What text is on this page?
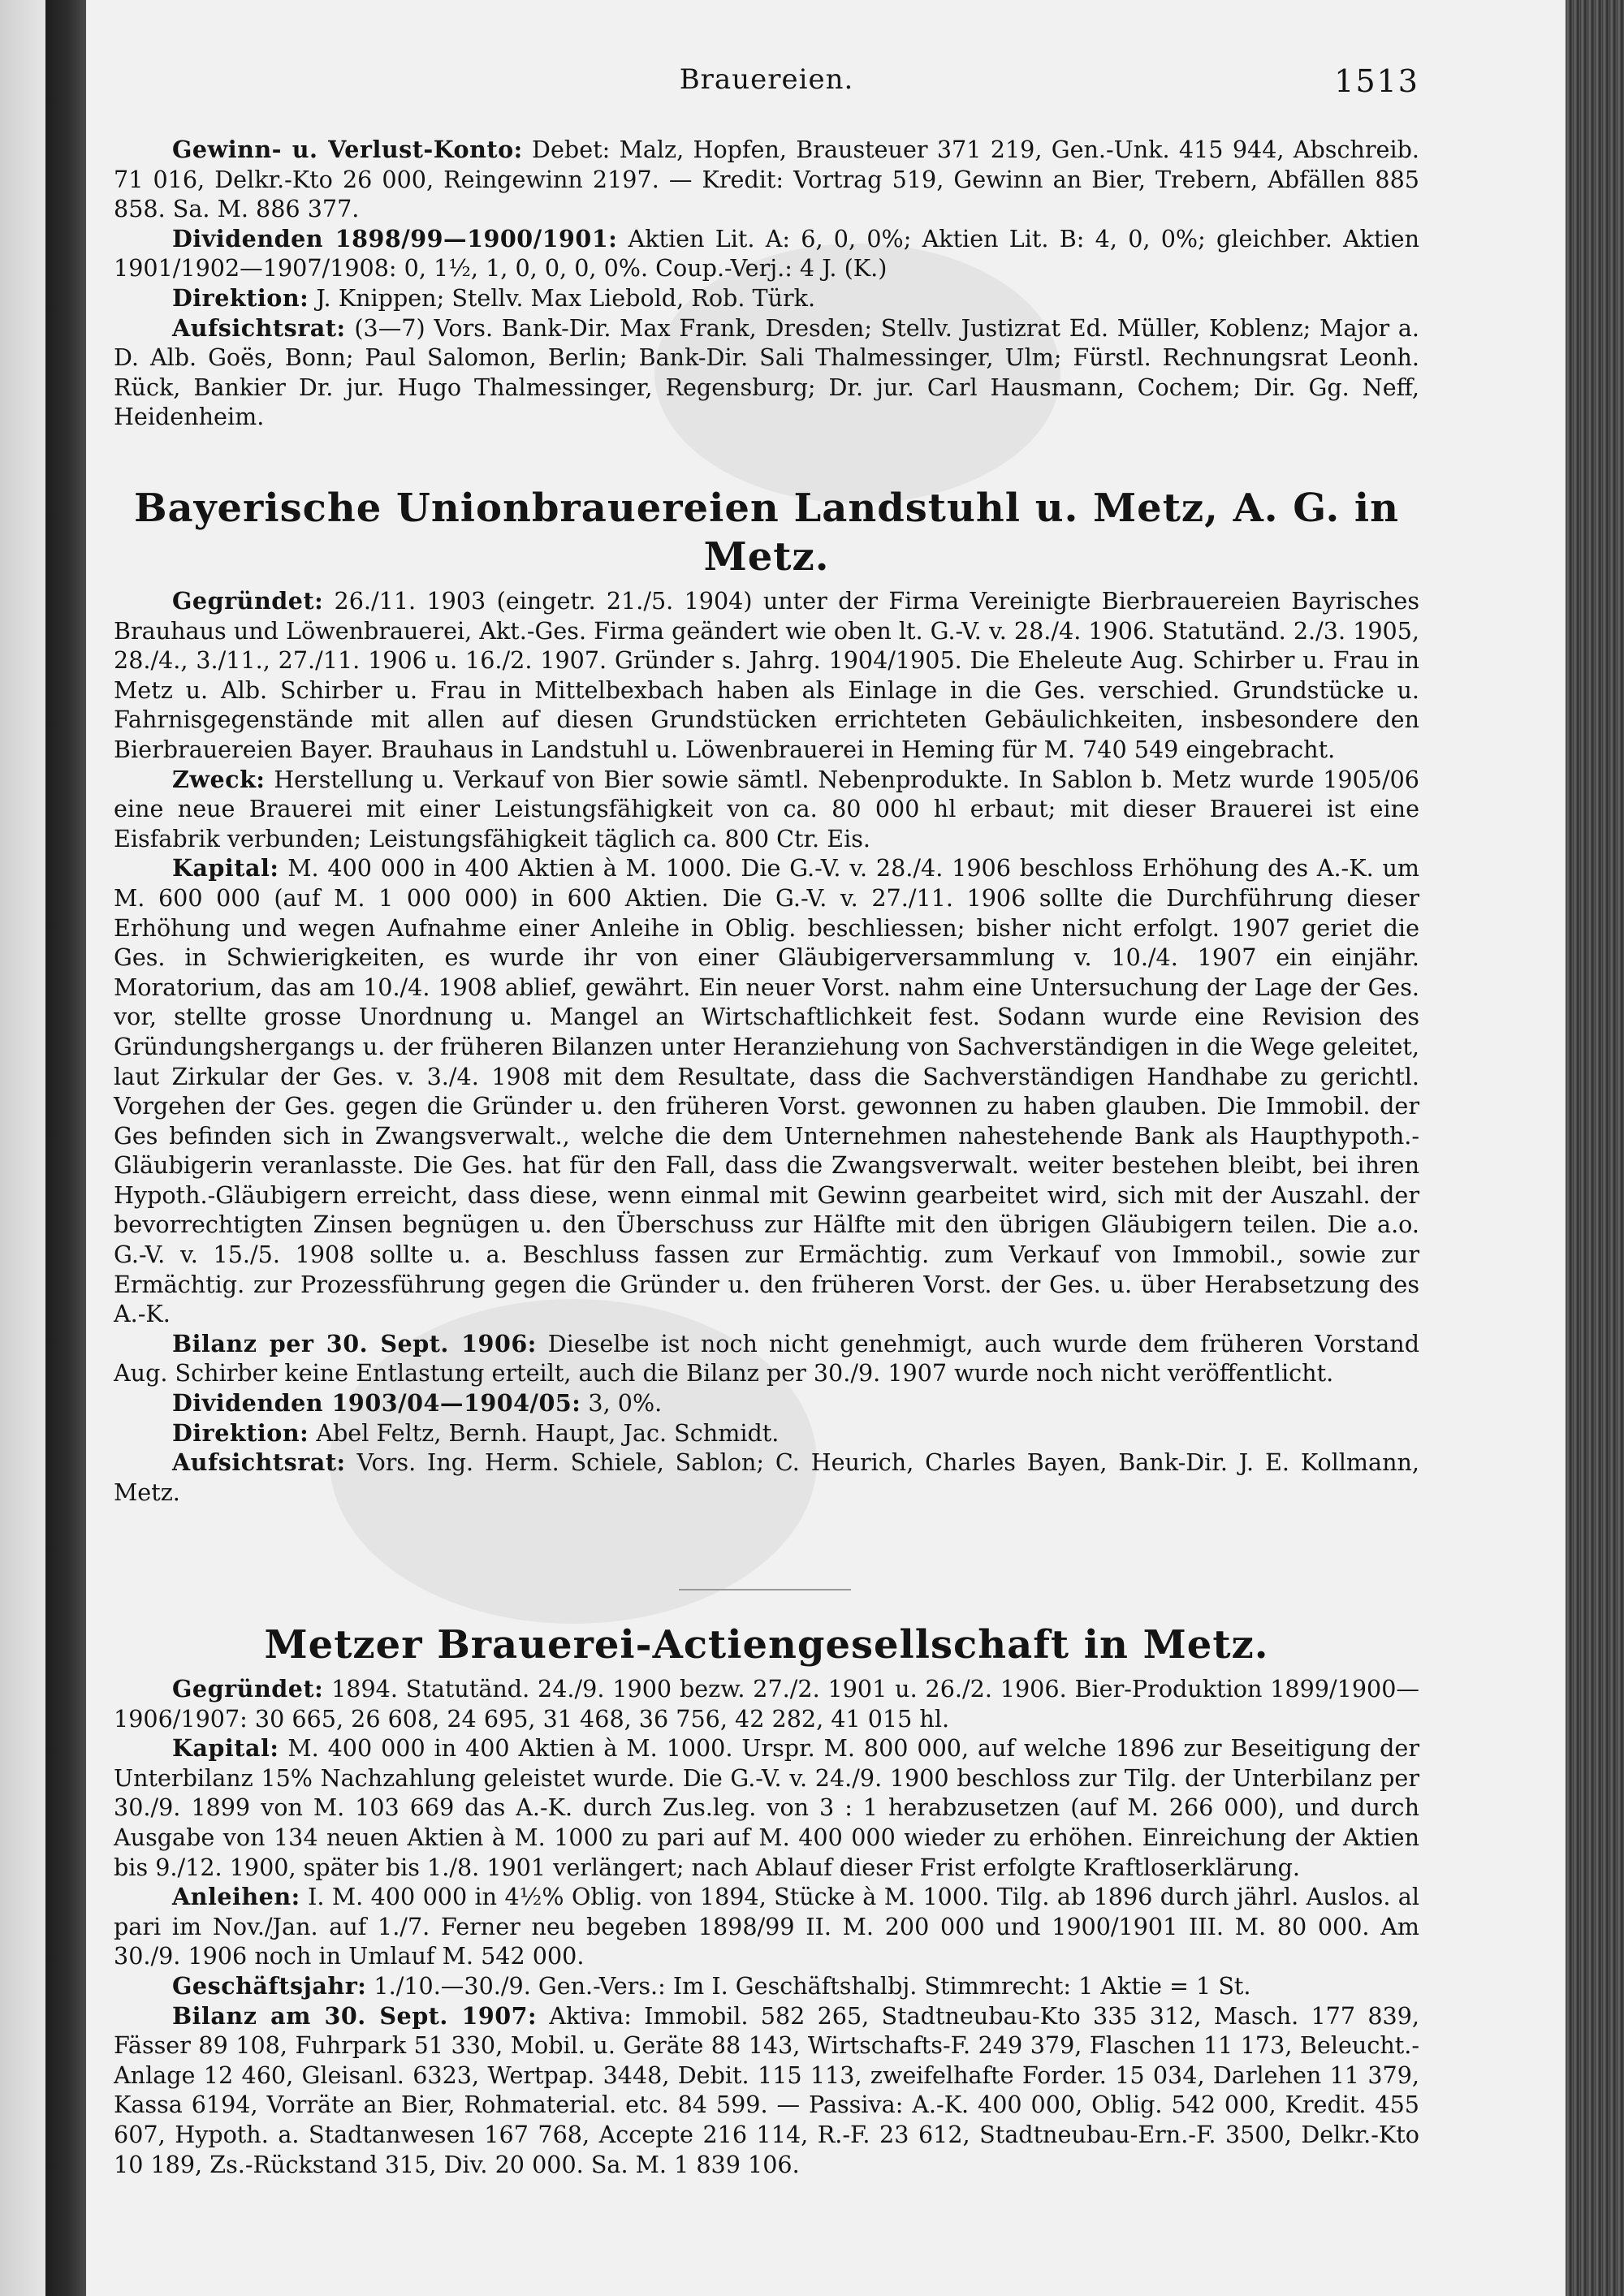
Brauereien.	1513

Gewinn- u. Verlust-Konto: Debet: Malz, Hopfen, Brausteuer 371 219, Gen.-Unk. 415 944, Abschreib. 71 016, Delkr.-Kto 26 000, Reingewinn 2197. — Kredit: Vortrag 519, Gewinn an Bier, Trebern, Abfällen 885 858. Sa. M. 886 377.

Dividenden 1898/99—1900/1901: Aktien Lit. A: 6, 0, 0%; Aktien Lit. B: 4, 0, 0%; gleichber. Aktien 1901/1902—1907/1908: 0, 1½, 1, 0, 0, 0, 0%. Coup.-Verj.: 4 J. (K.)

Direktion: J. Knippen; Stellv. Max Liebold, Rob. Türk.

Aufsichtsrat: (3—7) Vors. Bank-Dir. Max Frank, Dresden; Stellv. Justizrat Ed. Müller, Koblenz; Major a. D. Alb. Goës, Bonn; Paul Salomon, Berlin; Bank-Dir. Sali Thalmessinger, Ulm; Fürstl. Rechnungsrat Leonh. Rück, Bankier Dr. jur. Hugo Thalmessinger, Regensburg; Dr. jur. Carl Hausmann, Cochem; Dir. Gg. Neff, Heidenheim.

Bayerische Unionbrauereien Landstuhl u. Metz, A. G. in Metz.

Gegründet: 26./11. 1903 (eingetr. 21./5. 1904) unter der Firma Vereinigte Bierbrauereien Bayrisches Brauhaus und Löwenbrauerei, Akt.-Ges. Firma geändert wie oben lt. G.-V. v. 28./4. 1906. Statutänd. 2./3. 1905, 28./4., 3./11., 27./11. 1906 u. 16./2. 1907. Gründer s. Jahrg. 1904/1905. Die Eheleute Aug. Schirber u. Frau in Metz u. Alb. Schirber u. Frau in Mittelbexbach haben als Einlage in die Ges. verschied. Grundstücke u. Fahrnisgegenstände mit allen auf diesen Grundstücken errichteten Gebäulichkeiten, insbesondere den Bierbrauereien Bayer. Brauhaus in Landstuhl u. Löwenbrauerei in Heming für M. 740 549 eingebracht.

Zweck: Herstellung u. Verkauf von Bier sowie sämtl. Nebenprodukte. In Sablon b. Metz wurde 1905/06 eine neue Brauerei mit einer Leistungsfähigkeit von ca. 80 000 hl erbaut; mit dieser Brauerei ist eine Eisfabrik verbunden; Leistungsfähigkeit täglich ca. 800 Ctr. Eis.

Kapital: M. 400 000 in 400 Aktien à M. 1000. Die G.-V. v. 28./4. 1906 beschloss Erhöhung des A.-K. um M. 600 000 (auf M. 1 000 000) in 600 Aktien. Die G.-V. v. 27./11. 1906 sollte die Durchführung dieser Erhöhung und wegen Aufnahme einer Anleihe in Oblig. beschliessen; bisher nicht erfolgt. 1907 geriet die Ges. in Schwierigkeiten, es wurde ihr von einer Gläubigerversammlung v. 10./4. 1907 ein einjähr. Moratorium, das am 10./4. 1908 ablief, gewährt. Ein neuer Vorst. nahm eine Untersuchung der Lage der Ges. vor, stellte grosse Unordnung u. Mangel an Wirtschaftlichkeit fest. Sodann wurde eine Revision des Gründungshergangs u. der früheren Bilanzen unter Heranziehung von Sachverständigen in die Wege geleitet, laut Zirkular der Ges. v. 3./4. 1908 mit dem Resultate, dass die Sachverständigen Handhabe zu gerichtl. Vorgehen der Ges. gegen die Gründer u. den früheren Vorst. gewonnen zu haben glauben. Die Immobil. der Ges befinden sich in Zwangsverwalt., welche die dem Unternehmen nahestehende Bank als Haupthypoth.-Gläubigerin veranlasste. Die Ges. hat für den Fall, dass die Zwangsverwalt. weiter bestehen bleibt, bei ihren Hypoth.-Gläubigern erreicht, dass diese, wenn einmal mit Gewinn gearbeitet wird, sich mit der Auszahl. der bevorrechtigten Zinsen begnügen u. den Überschuss zur Hälfte mit den übrigen Gläubigern teilen. Die a.o. G.-V. v. 15./5. 1908 sollte u. a. Beschluss fassen zur Ermächtig. zum Verkauf von Immobil., sowie zur Ermächtig. zur Prozessführung gegen die Gründer u. den früheren Vorst. der Ges. u. über Herabsetzung des A.-K.

Bilanz per 30. Sept. 1906: Dieselbe ist noch nicht genehmigt, auch wurde dem früheren Vorstand Aug. Schirber keine Entlastung erteilt, auch die Bilanz per 30./9. 1907 wurde noch nicht veröffentlicht.

Dividenden 1903/04—1904/05: 3, 0%.

Direktion: Abel Feltz, Bernh. Haupt, Jac. Schmidt.

Aufsichtsrat: Vors. Ing. Herm. Schiele, Sablon; C. Heurich, Charles Bayen, Bank-Dir. J. E. Kollmann, Metz.

Metzer Brauerei-Actiengesellschaft in Metz.

Gegründet: 1894. Statutänd. 24./9. 1900 bezw. 27./2. 1901 u. 26./2. 1906. Bier-Produktion 1899/1900—1906/1907: 30 665, 26 608, 24 695, 31 468, 36 756, 42 282, 41 015 hl.

Kapital: M. 400 000 in 400 Aktien à M. 1000. Urspr. M. 800 000, auf welche 1896 zur Beseitigung der Unterbilanz 15% Nachzahlung geleistet wurde. Die G.-V. v. 24./9. 1900 beschloss zur Tilg. der Unterbilanz per 30./9. 1899 von M. 103 669 das A.-K. durch Zus.leg. von 3 : 1 herabzusetzen (auf M. 266 000), und durch Ausgabe von 134 neuen Aktien à M. 1000 zu pari auf M. 400 000 wieder zu erhöhen. Einreichung der Aktien bis 9./12. 1900, später bis 1./8. 1901 verlängert; nach Ablauf dieser Frist erfolgte Kraftloserklärung.

Anleihen: I. M. 400 000 in 4½% Oblig. von 1894, Stücke à M. 1000. Tilg. ab 1896 durch jährl. Auslos. al pari im Nov./Jan. auf 1./7. Ferner neu begeben 1898/99 II. M. 200 000 und 1900/1901 III. M. 80 000. Am 30./9. 1906 noch in Umlauf M. 542 000.

Geschäftsjahr: 1./10.—30./9. Gen.-Vers.: Im I. Geschäftshalbj. Stimmrecht: 1 Aktie = 1 St.

Bilanz am 30. Sept. 1907: Aktiva: Immobil. 582 265, Stadtneubau-Kto 335 312, Masch. 177 839, Fässer 89 108, Fuhrpark 51 330, Mobil. u. Geräte 88 143, Wirtschafts-F. 249 379, Flaschen 11 173, Beleucht.-Anlage 12 460, Gleisanl. 6323, Wertpap. 3448, Debit. 115 113, zweifelhafte Forder. 15 034, Darlehen 11 379, Kassa 6194, Vorräte an Bier, Rohmaterial. etc. 84 599. — Passiva: A.-K. 400 000, Oblig. 542 000, Kredit. 455 607, Hypoth. a. Stadtanwesen 167 768, Accepte 216 114, R.-F. 23 612, Stadtneubau-Ern.-F. 3500, Delkr.-Kto 10 189, Zs.-Rückstand 315, Div. 20 000. Sa. M. 1 839 106.
